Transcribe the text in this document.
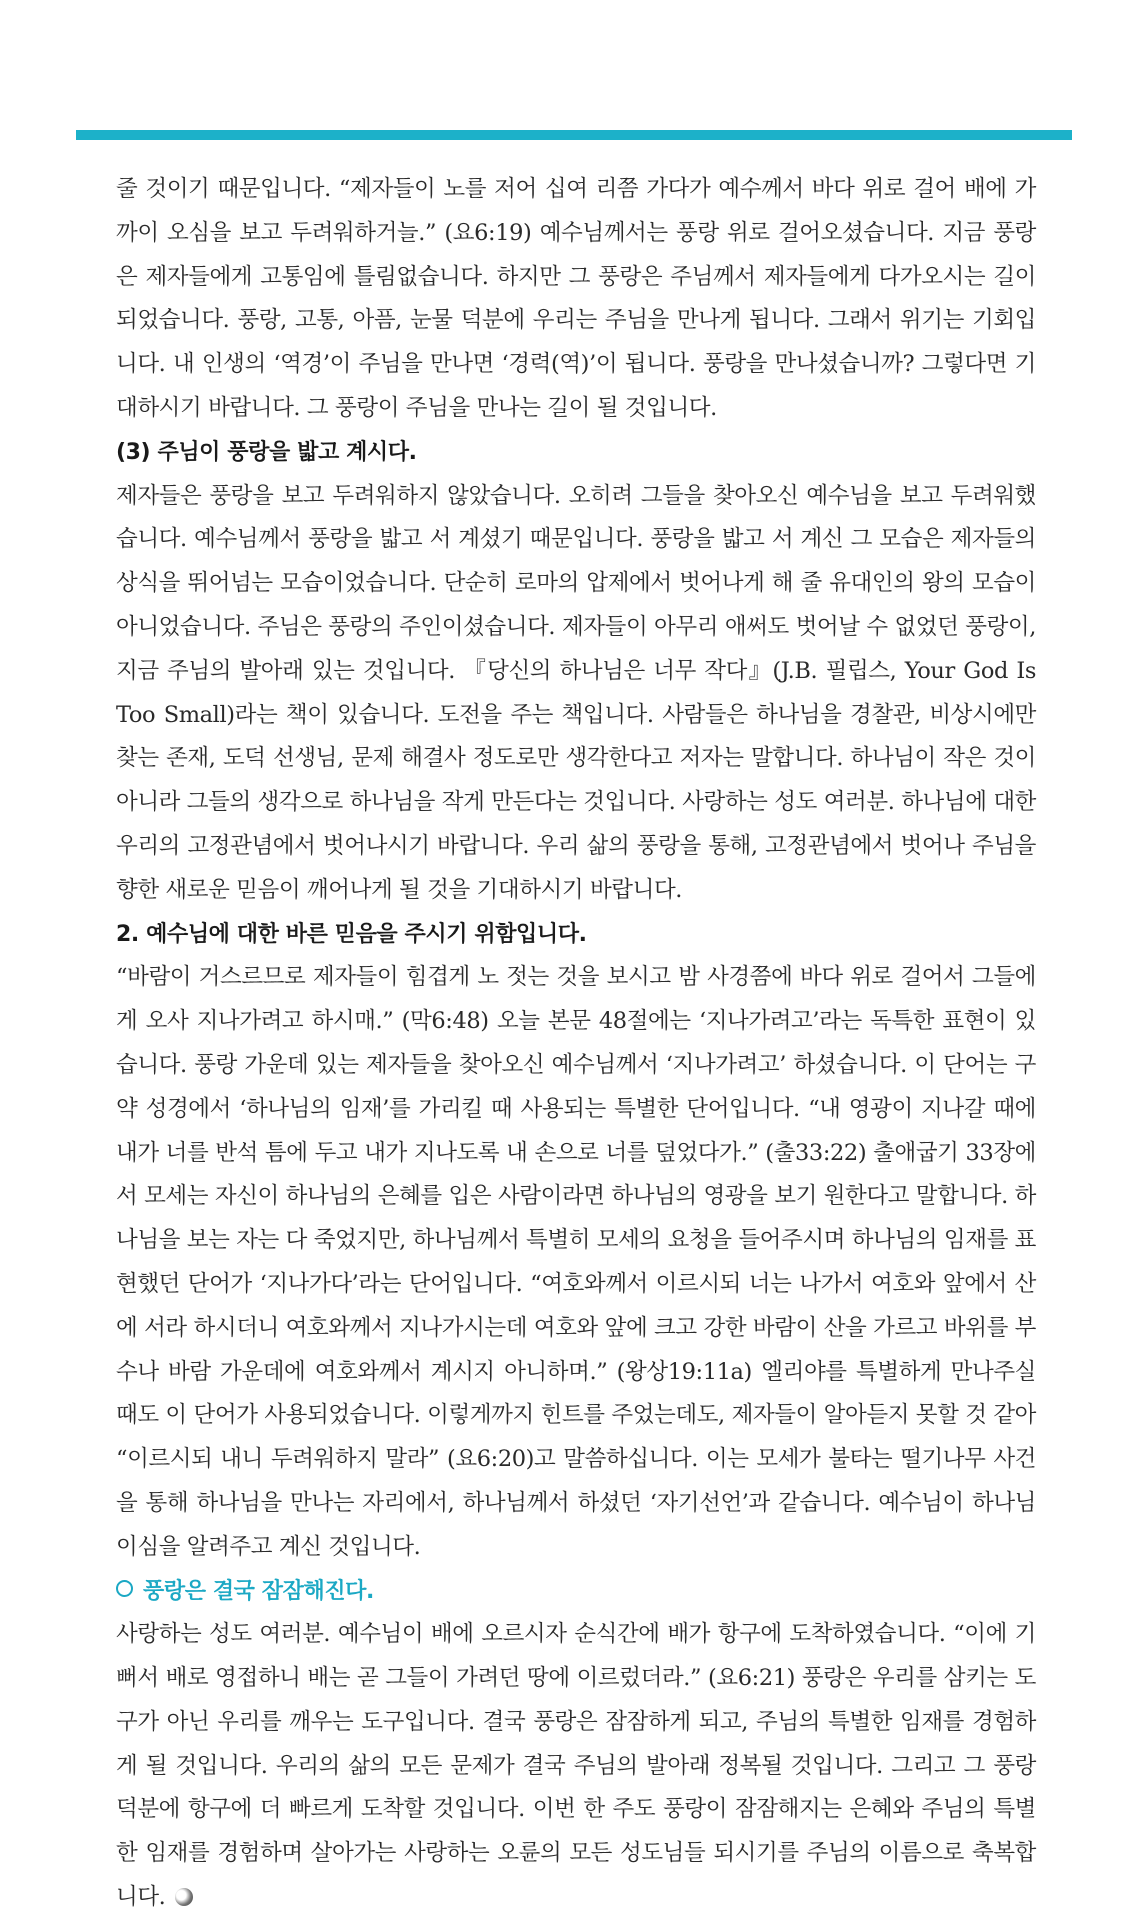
줄 것이기 때문입니다. “제자들이 노를 저어 십여 리쯤 가다가 예수께서 바다 위로 걸어 배에 가까이 오심을 보고 두려워하거늘.” (요6:19) 예수님께서는 풍랑 위로 걸어오셨습니다. 지금 풍랑은 제자들에게 고통임에 틀림없습니다. 하지만 그 풍랑은 주님께서 제자들에게 다가오시는 길이 되었습니다. 풍랑, 고통, 아픔, 눈물 덕분에 우리는 주님을 만나게 됩니다. 그래서 위기는 기회입니다. 내 인생의 ‘역경’이 주님을 만나면 ‘경력(역)’이 됩니다. 풍랑을 만나셨습니까? 그렇다면 기대하시기 바랍니다. 그 풍랑이 주님을 만나는 길이 될 것입니다.

(3) 주님이 풍랑을 밟고 계시다.

제자들은 풍랑을 보고 두려워하지 않았습니다. 오히려 그들을 찾아오신 예수님을 보고 두려워했습니다. 예수님께서 풍랑을 밟고 서 계셨기 때문입니다. 풍랑을 밟고 서 계신 그 모습은 제자들의 상식을 뛰어넘는 모습이었습니다. 단순히 로마의 압제에서 벗어나게 해 줄 유대인의 왕의 모습이 아니었습니다. 주님은 풍랑의 주인이셨습니다. 제자들이 아무리 애써도 벗어날 수 없었던 풍랑이, 지금 주님의 발아래 있는 것입니다. 『당신의 하나님은 너무 작다』(J.B. 필립스, Your God Is Too Small)라는 책이 있습니다. 도전을 주는 책입니다. 사람들은 하나님을 경찰관, 비상시에만 찾는 존재, 도덕 선생님, 문제 해결사 정도로만 생각한다고 저자는 말합니다. 하나님이 작은 것이 아니라 그들의 생각으로 하나님을 작게 만든다는 것입니다. 사랑하는 성도 여러분. 하나님에 대한 우리의 고정관념에서 벗어나시기 바랍니다. 우리 삶의 풍랑을 통해, 고정관념에서 벗어나 주님을 향한 새로운 믿음이 깨어나게 될 것을 기대하시기 바랍니다.

2. 예수님에 대한 바른 믿음을 주시기 위함입니다.

“바람이 거스르므로 제자들이 힘겹게 노 젓는 것을 보시고 밤 사경쯤에 바다 위로 걸어서 그들에게 오사 지나가려고 하시매.” (막6:48) 오늘 본문 48절에는 ‘지나가려고’라는 독특한 표현이 있습니다. 풍랑 가운데 있는 제자들을 찾아오신 예수님께서 ‘지나가려고’ 하셨습니다. 이 단어는 구약 성경에서 ‘하나님의 임재’를 가리킬 때 사용되는 특별한 단어입니다. “내 영광이 지나갈 때에 내가 너를 반석 틈에 두고 내가 지나도록 내 손으로 너를 덮었다가.” (출33:22) 출애굽기 33장에서 모세는 자신이 하나님의 은혜를 입은 사람이라면 하나님의 영광을 보기 원한다고 말합니다. 하나님을 보는 자는 다 죽었지만, 하나님께서 특별히 모세의 요청을 들어주시며 하나님의 임재를 표현했던 단어가 ‘지나가다’라는 단어입니다. “여호와께서 이르시되 너는 나가서 여호와 앞에서 산에 서라 하시더니 여호와께서 지나가시는데 여호와 앞에 크고 강한 바람이 산을 가르고 바위를 부수나 바람 가운데에 여호와께서 계시지 아니하며.” (왕상19:11a) 엘리야를 특별하게 만나주실 때도 이 단어가 사용되었습니다. 이렇게까지 힌트를 주었는데도, 제자들이 알아듣지 못할 것 같아 “이르시되 내니 두려워하지 말라” (요6:20)고 말씀하십니다. 이는 모세가 불타는 떨기나무 사건을 통해 하나님을 만나는 자리에서, 하나님께서 하셨던 ‘자기선언’과 같습니다. 예수님이 하나님이심을 알려주고 계신 것입니다.

풍랑은 결국 잠잠해진다.

사랑하는 성도 여러분. 예수님이 배에 오르시자 순식간에 배가 항구에 도착하였습니다. “이에 기뻐서 배로 영접하니 배는 곧 그들이 가려던 땅에 이르렀더라.” (요6:21) 풍랑은 우리를 삼키는 도구가 아닌 우리를 깨우는 도구입니다. 결국 풍랑은 잠잠하게 되고, 주님의 특별한 임재를 경험하게 될 것입니다. 우리의 삶의 모든 문제가 결국 주님의 발아래 정복될 것입니다. 그리고 그 풍랑 덕분에 항구에 더 빠르게 도착할 것입니다. 이번 한 주도 풍랑이 잠잠해지는 은혜와 주님의 특별한 임재를 경험하며 살아가는 사랑하는 오륜의 모든 성도님들 되시기를 주님의 이름으로 축복합니다.
